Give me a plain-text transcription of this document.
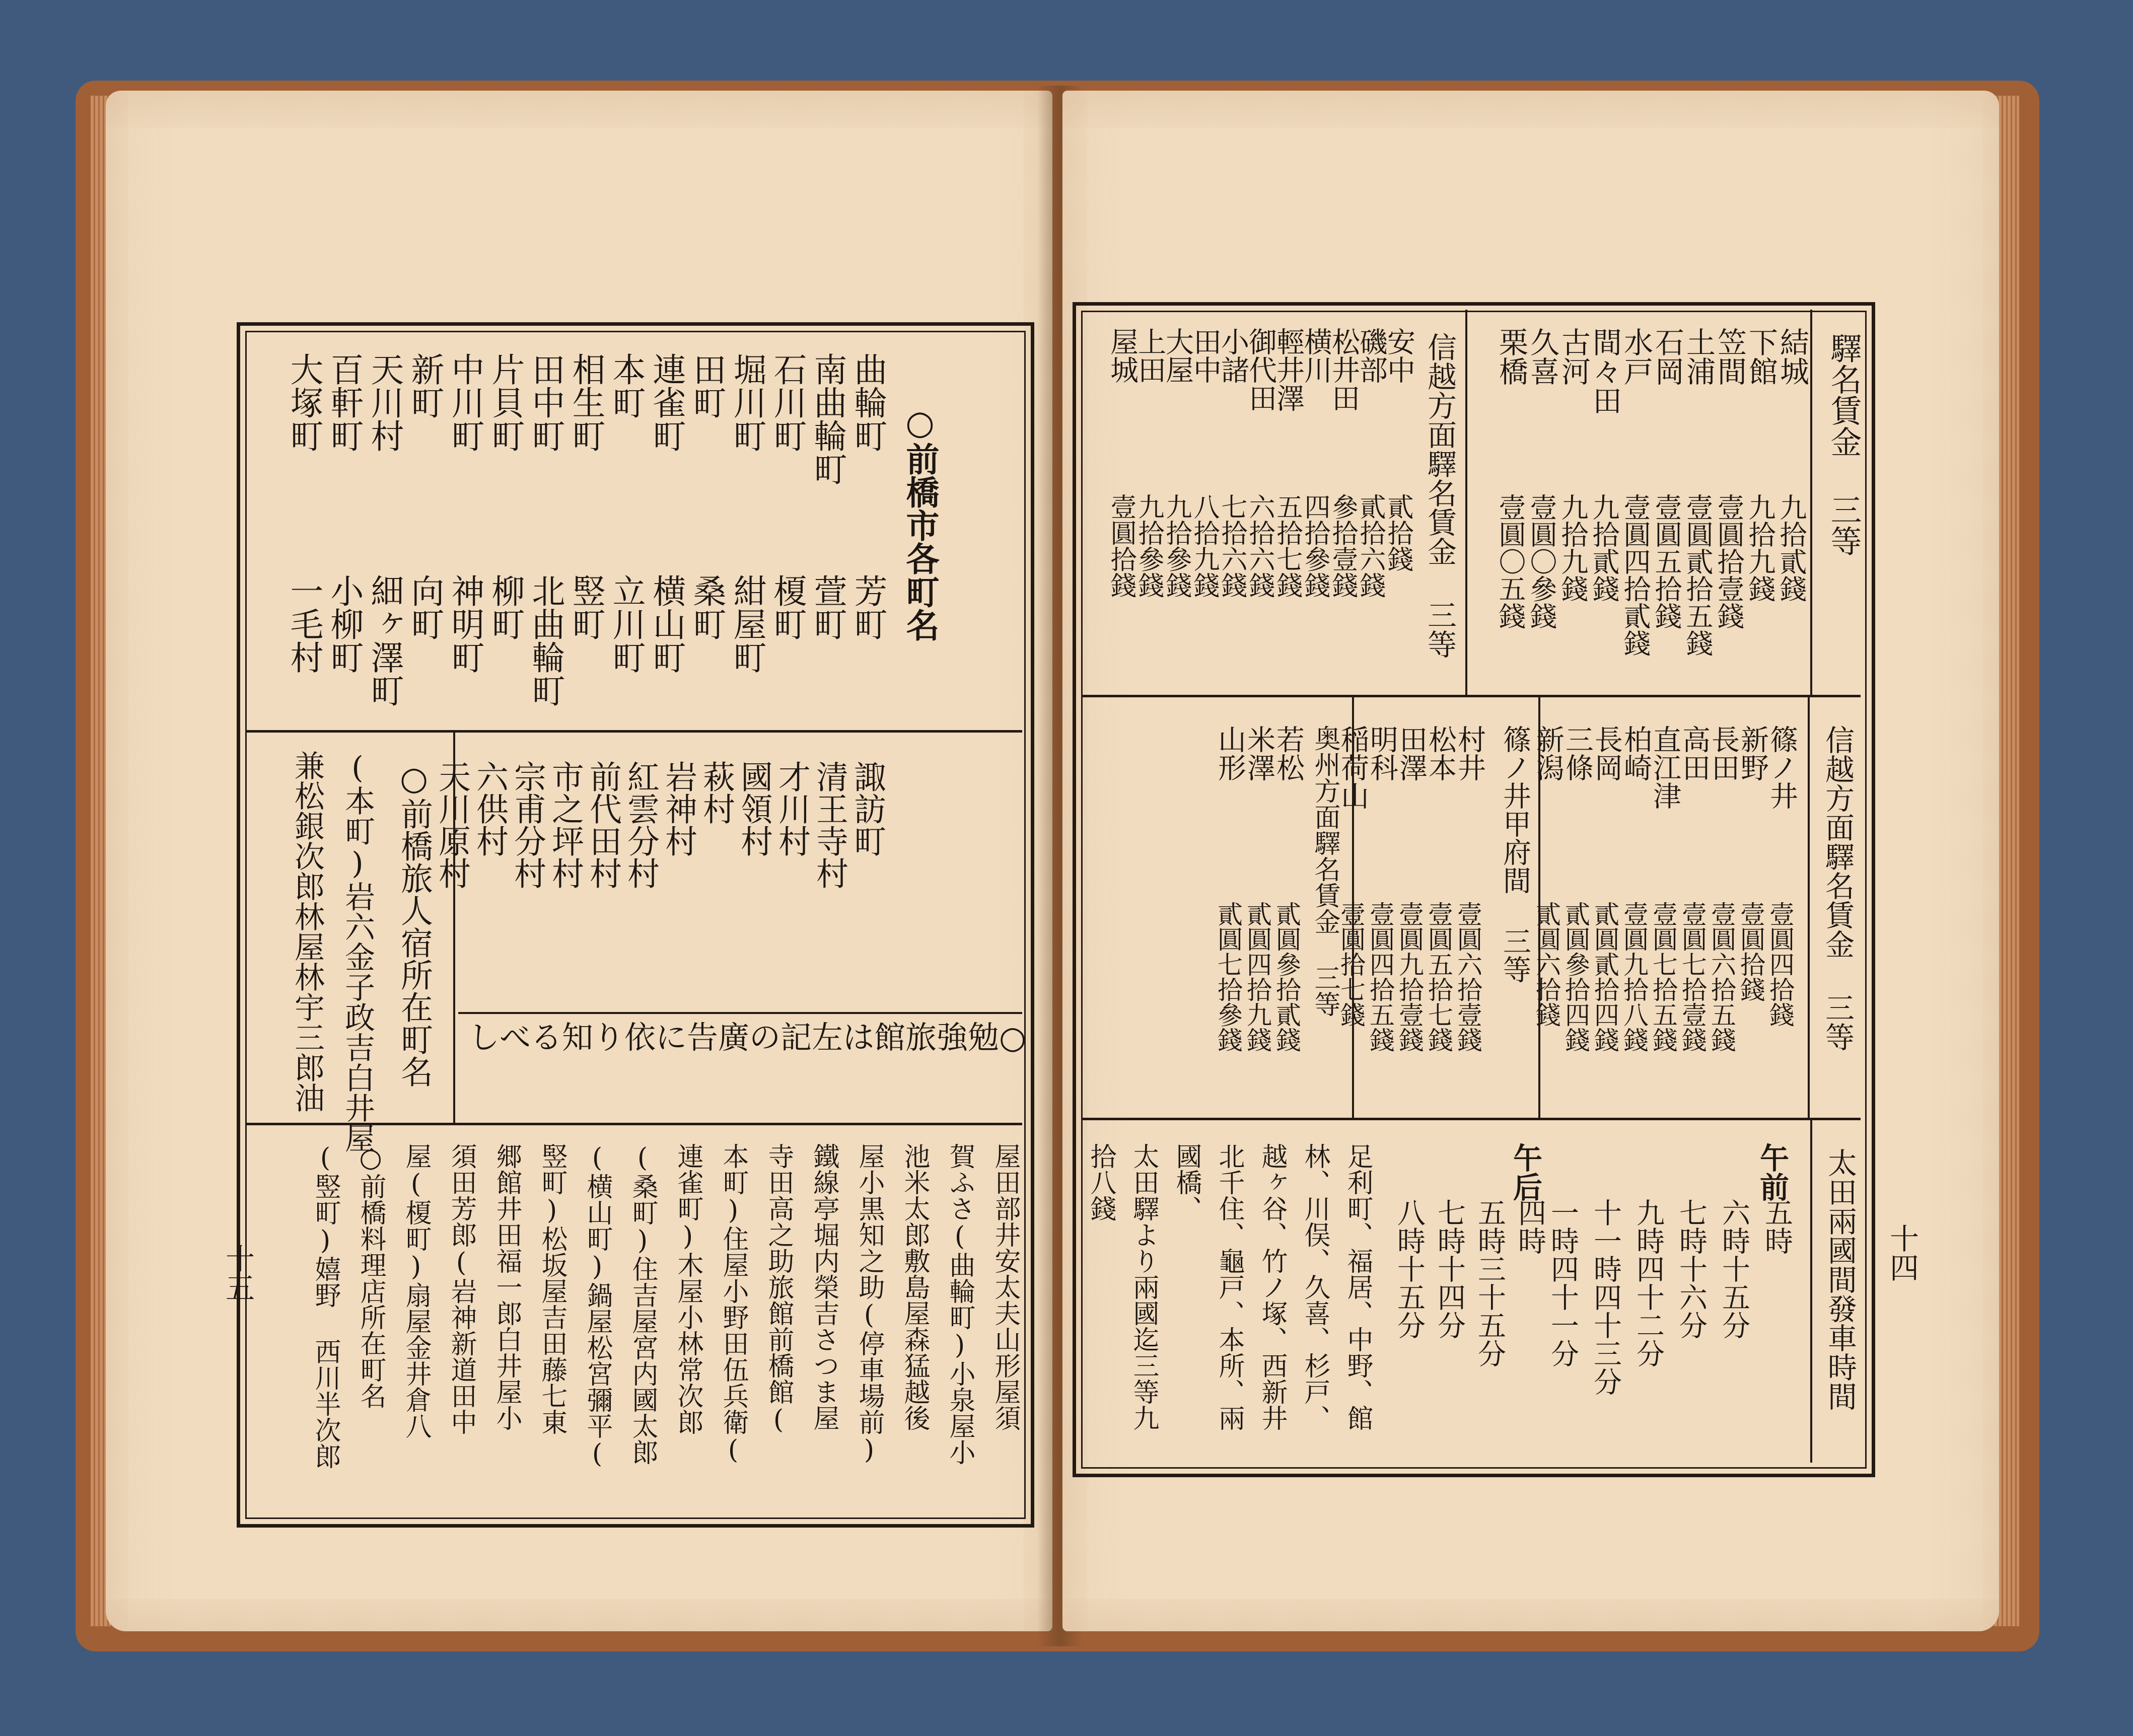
○前橋市各町名
○勉強旅館は左記の廣告に依り知るべし
○前橋旅人宿所在町名
(本町)岩六金子政吉白井屋
兼松銀次郎林屋林宇三郎油
十五
曲輪町
芳町
南曲輪町
萱町
石川町
榎町
堀川町
紺屋町
田町
桑町
連雀町
横山町
本町
立川町
相生町
竪町
田中町
北曲輪町
片貝町
柳町
中川町
神明町
新町
向町
天川村
細ヶ澤町
百軒町
小柳町
大塚町
一毛村
諏訪町
清王寺村
才川村
國領村
萩村
岩神村
紅雲分村
前代田村
市之坪村
宗甫分村
六供村
天川原村
屋田部井安太夫山形屋須
賀ふさ(曲輪町)小泉屋小
池米太郎敷島屋森猛越後
屋小黒知之助(停車場前)
鐵線亭堀内榮吉さつま屋
寺田高之助旅館前橋館(
本町)住屋小野田伍兵衛(
連雀町)木屋小林常次郎
(桑町)住吉屋宮内國太郎
(横山町)鍋屋松宮彌平(
竪町)松坂屋吉田藤七東
郷館井田福一郎白井屋小
須田芳郎(岩神新道田中
屋(榎町)扇屋金井倉八
○前橋料理店所在町名
(竪町)嬉野 西川半次郎
驛名賃金 三等
信越方面驛名賃金 三等
信越方面驛名賃金 三等
篠ノ井甲府間 三等
奥州方面驛名賃金 三等
太田兩國間發車時間
午前
午后
十四
結城
九拾貳錢
下館
九拾九錢
笠間
壹圓拾壹錢
土浦
壹圓貳拾五錢
石岡
壹圓五拾錢
水戸
壹圓四拾貳錢
間々田
九拾貳錢
古河
九拾九錢
久喜
壹圓〇參錢
栗橋
壹圓〇五錢
安中
貳拾錢
磯部
貳拾六錢
松井田
參拾壹錢
横川
四拾參錢
輕井澤
五拾七錢
御代田
六拾六錢
小諸
七拾六錢
田中
八拾九錢
大屋
九拾參錢
上田
九拾參錢
屋城
壹圓拾錢
篠ノ井
壹圓四拾錢
新野
壹圓拾錢
長田
壹圓六拾五錢
高田
壹圓七拾壹錢
直江津
壹圓七拾五錢
柏崎
壹圓九拾八錢
長岡
貳圓貳拾四錢
三條
貳圓參拾四錢
新潟
貳圓六拾錢
村井
壹圓六拾壹錢
松本
壹圓五拾七錢
田澤
壹圓九拾壹錢
明科
壹圓四拾五錢
稲荷山
壹圓拾七錢
若松
貳圓參拾貳錢
米澤
貳圓四拾九錢
山形
貳圓七拾參錢
五時
六時十五分
七時十六分
九時四十二分
十一時四十三分
一時四十一分
四時
五時三十五分
七時十四分
八時十五分
足利町、福居、中野、館
林、川俣、久喜、杉戸、
越ヶ谷、竹ノ塚、西新井
北千住、龜戸、本所、兩
國橋、
太田驛より兩國迄三等九
拾八錢
